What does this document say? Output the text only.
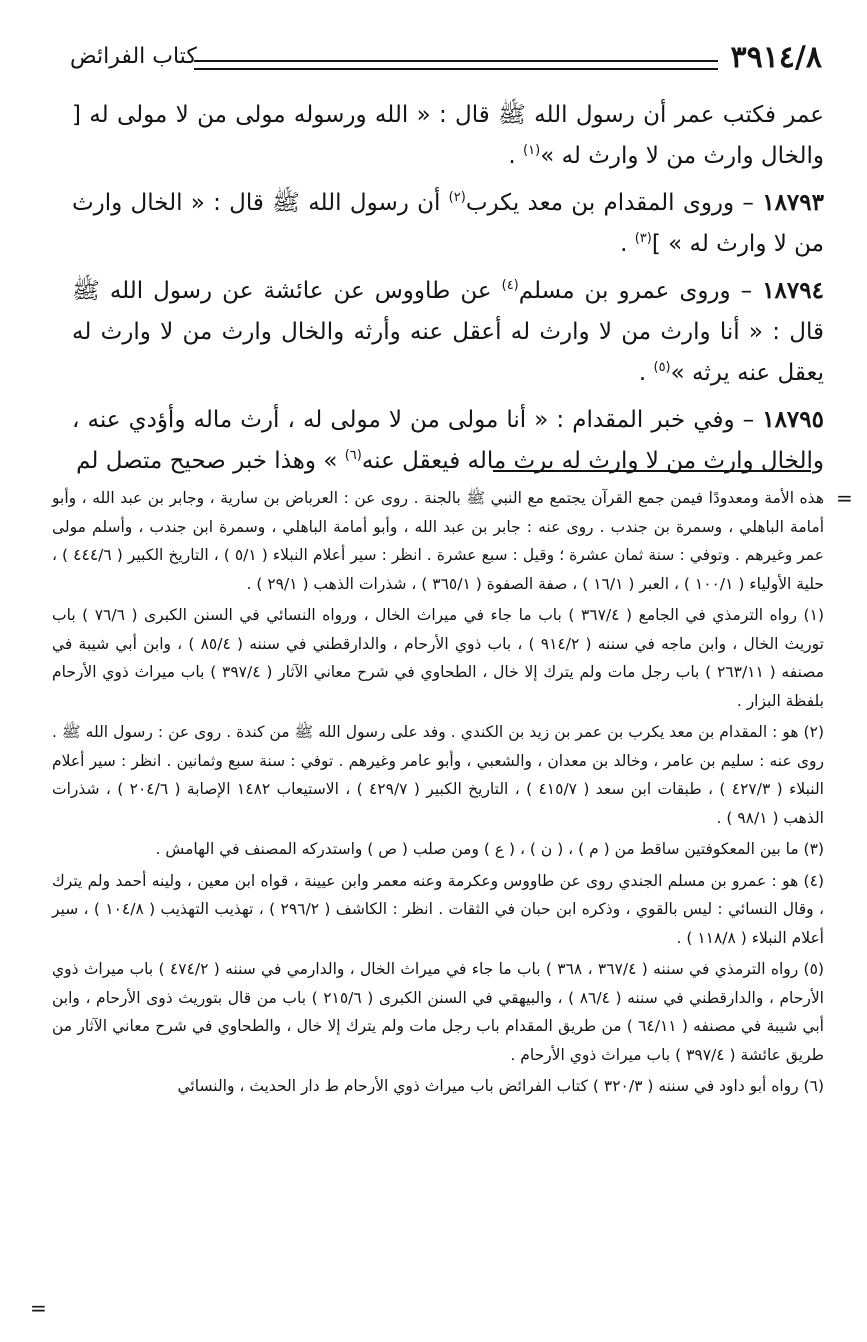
٣٩١٤/٨
كتاب الفرائض

عمر فكتب عمر أن رسول الله ﷺ قال : « الله ورسوله مولى من لا مولى له [ والخال وارث من لا وارث له »$^{(١)}$ .

١٨٧٩٣ – وروى المقدام بن معد يكرب$^{(٢)}$ أن رسول الله ﷺ قال : « الخال وارث من لا وارث له » ]$^{(٣)}$ .

١٨٧٩٤ – وروى عمرو بن مسلم$^{(٤)}$ عن طاووس عن عائشة عن رسول الله ﷺ قال : « أنا وارث من لا وارث له أعقل عنه وأرثه والخال وارث من لا وارث له يعقل عنه يرثه »$^{(٥)}$ .

١٨٧٩٥ – وفي خبر المقدام : « أنا مولى من لا مولى له ، أرث ماله وأؤدي عنه ، والخال وارث من لا وارث له يرث ماله فيعقل عنه$^{(٦)}$ » وهذا خبر صحيح متصل لم

=

هذه الأمة ومعدودًا فيمن جمع القرآن يجتمع مع النبي ﷺ بالجنة . روى عن : العرباض بن سارية ، وجابر بن عبد الله ، وأبو أمامة الباهلي ، وسمرة بن جندب . روى عنه : جابر بن عبد الله ، وأبو أمامة الباهلي ، وسمرة ابن جندب ، وأسلم مولى عمر وغيرهم . وتوفي : سنة ثمان عشرة ؛ وقيل : سبع عشرة . انظر : سير أعلام النبلاء ( ٥/١ ) ، التاريخ الكبير ( ٤٤٤/٦ ) ، حلية الأولياء ( ١٠٠/١ ) ، العبر ( ١٦/١ ) ، صفة الصفوة ( ٣٦٥/١ ) ، شذرات الذهب ( ٢٩/١ ) .

(١) رواه الترمذي في الجامع ( ٣٦٧/٤ ) باب ما جاء في ميراث الخال ، ورواه النسائي في السنن الكبرى ( ٧٦/٦ ) باب توريث الخال ، وابن ماجه في سننه ( ٩١٤/٢ ) ، باب ذوي الأرحام ، والدارقطني في سننه ( ٨٥/٤ ) ، وابن أبي شيبة في مصنفه ( ٢٦٣/١١ ) باب رجل مات ولم يترك إلا خال ، الطحاوي في شرح معاني الآثار ( ٣٩٧/٤ ) باب ميراث ذوي الأرحام بلفظة البزار .

(٢) هو : المقدام بن معد يكرب بن عمر بن زيد بن الكندي . وفد على رسول الله ﷺ من كندة . روى عن : رسول الله ﷺ . روى عنه : سليم بن عامر ، وخالد بن معدان ، والشعبي ، وأبو عامر وغيرهم . توفي : سنة سبع وثمانين . انظر : سير أعلام النبلاء ( ٤٢٧/٣ ) ، طبقات ابن سعد ( ٤١٥/٧ ) ، التاريخ الكبير ( ٤٢٩/٧ ) ، الاستيعاب ١٤٨٢ الإصابة ( ٢٠٤/٦ ) ، شذرات الذهب ( ٩٨/١ ) .

(٣) ما بين المعكوفتين ساقط من ( م ) ، ( ن ) ، ( ع ) ومن صلب ( ص ) واستدركه المصنف في الهامش .

(٤) هو : عمرو بن مسلم الجندي روى عن طاووس وعكرمة وعنه معمر وابن عيينة ، قواه ابن معين ، ولينه أحمد ولم يترك ، وقال النسائي : ليس بالقوي ، وذكره ابن حبان في الثقات . انظر : الكاشف ( ٢٩٦/٢ ) ، تهذيب التهذيب ( ١٠٤/٨ ) ، سير أعلام النبلاء ( ١١٨/٨ ) .

(٥) رواه الترمذي في سننه ( ٣٦٧/٤ ، ٣٦٨ ) باب ما جاء في ميراث الخال ، والدارمي في سننه ( ٤٧٤/٢ ) باب ميراث ذوي الأرحام ، والدارقطني في سننه ( ٨٦/٤ ) ، والبيهقي في السنن الكبرى ( ٢١٥/٦ ) باب من قال بتوريث ذوى الأرحام ، وابن أبي شيبة في مصنفه ( ٦٤/١١ ) من طريق المقدام باب رجل مات ولم يترك إلا خال ، والطحاوي في شرح معاني الآثار من طريق عائشة ( ٣٩٧/٤ ) باب ميراث ذوي الأرحام .

(٦) رواه أبو داود في سننه ( ٣٢٠/٣ ) كتاب الفرائض باب ميراث ذوي الأرحام ط دار الحديث ، والنسائي

=
